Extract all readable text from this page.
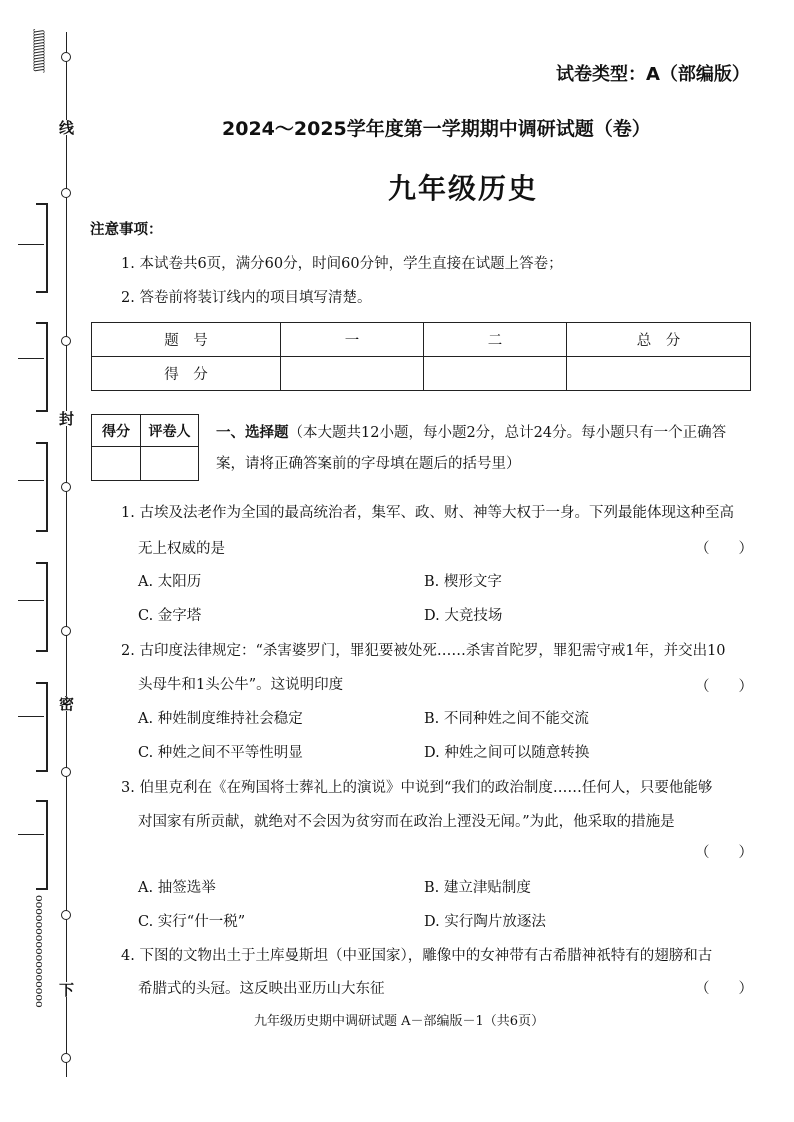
ʃʃʃʃʃʃʃʃʃʃʃʃʃʃ
ooooooooooooooooo
线
封
密
下
试卷类型：A（部编版）
2024～2025学年度第一学期期中调研试题（卷）
九年级历史
注意事项：
1. 本试卷共6页，满分60分，时间60分钟，学生直接在试题上答卷；
2. 答卷前将装订线内的项目填写清楚。
题　号	一	二	总　分
得　分			
得分	评卷人
	一、选择题（本大题共12小题，每小题2分，总计24分。每小题只有一个正确答
案，请将正确答案前的字母填在题后的括号里）
1. 古埃及法老作为全国的最高统治者，集军、政、财、神等大权于一身。下列最能体现这种至高
无上权威的是	（　　）
A. 太阳历	B. 楔形文字
C. 金字塔	D. 大竞技场
2. 古印度法律规定：“杀害婆罗门，罪犯要被处死……杀害首陀罗，罪犯需守戒1年，并交出10
头母牛和1头公牛”。这说明印度	（　　）
A. 种姓制度维持社会稳定	B. 不同种姓之间不能交流
C. 种姓之间不平等性明显	D. 种姓之间可以随意转换
3. 伯里克利在《在殉国将士葬礼上的演说》中说到“我们的政治制度……任何人，只要他能够
对国家有所贡献，就绝对不会因为贫穷而在政治上湮没无闻。”为此，他采取的措施是
（　　）
A. 抽签选举	B. 建立津贴制度
C. 实行“什一税”	D. 实行陶片放逐法
4. 下图的文物出土于土库曼斯坦（中亚国家），雕像中的女神带有古希腊神祇特有的翅膀和古
希腊式的头冠。这反映出亚历山大东征	（　　）
九年级历史期中调研试题 A－部编版－1（共6页）
